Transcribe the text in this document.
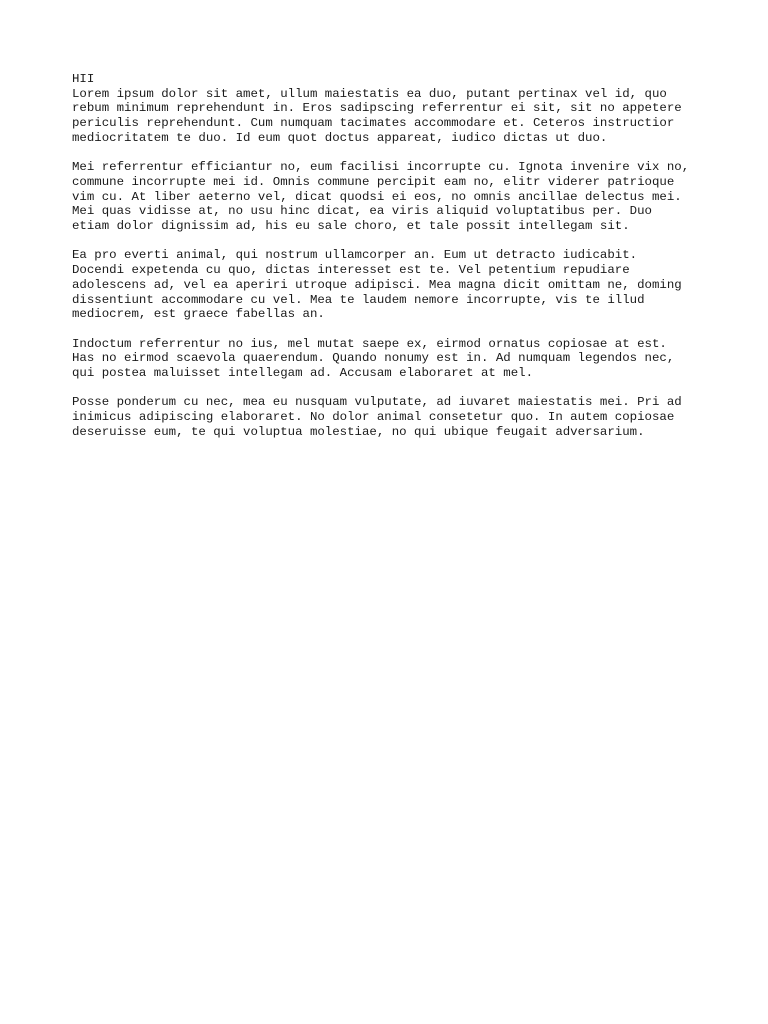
HII

Lorem ipsum dolor sit amet, ullum maiestatis ea duo, putant pertinax vel id, quo
rebum minimum reprehendunt in. Eros sadipscing referrentur ei sit, sit no appetere
periculis reprehendunt. Cum numquam tacimates accommodare et. Ceteros instructior
mediocritatem te duo. Id eum quot doctus appareat, iudico dictas ut duo.

Mei referrentur efficiantur no, eum facilisi incorrupte cu. Ignota invenire vix no,
commune incorrupte mei id. Omnis commune percipit eam no, elitr viderer patrioque
vim cu. At liber aeterno vel, dicat quodsi ei eos, no omnis ancillae delectus mei.
Mei quas vidisse at, no usu hinc dicat, ea viris aliquid voluptatibus per. Duo
etiam dolor dignissim ad, his eu sale choro, et tale possit intellegam sit.

Ea pro everti animal, qui nostrum ullamcorper an. Eum ut detracto iudicabit.
Docendi expetenda cu quo, dictas interesset est te. Vel petentium repudiare
adolescens ad, vel ea aperiri utroque adipisci. Mea magna dicit omittam ne, doming
dissentiunt accommodare cu vel. Mea te laudem nemore incorrupte, vis te illud
mediocrem, est graece fabellas an.

Indoctum referrentur no ius, mel mutat saepe ex, eirmod ornatus copiosae at est.
Has no eirmod scaevola quaerendum. Quando nonumy est in. Ad numquam legendos nec,
qui postea maluisset intellegam ad. Accusam elaboraret at mel.

Posse ponderum cu nec, mea eu nusquam vulputate, ad iuvaret maiestatis mei. Pri ad
inimicus adipiscing elaboraret. No dolor animal consetetur quo. In autem copiosae
deseruisse eum, te qui voluptua molestiae, no qui ubique feugait adversarium.
